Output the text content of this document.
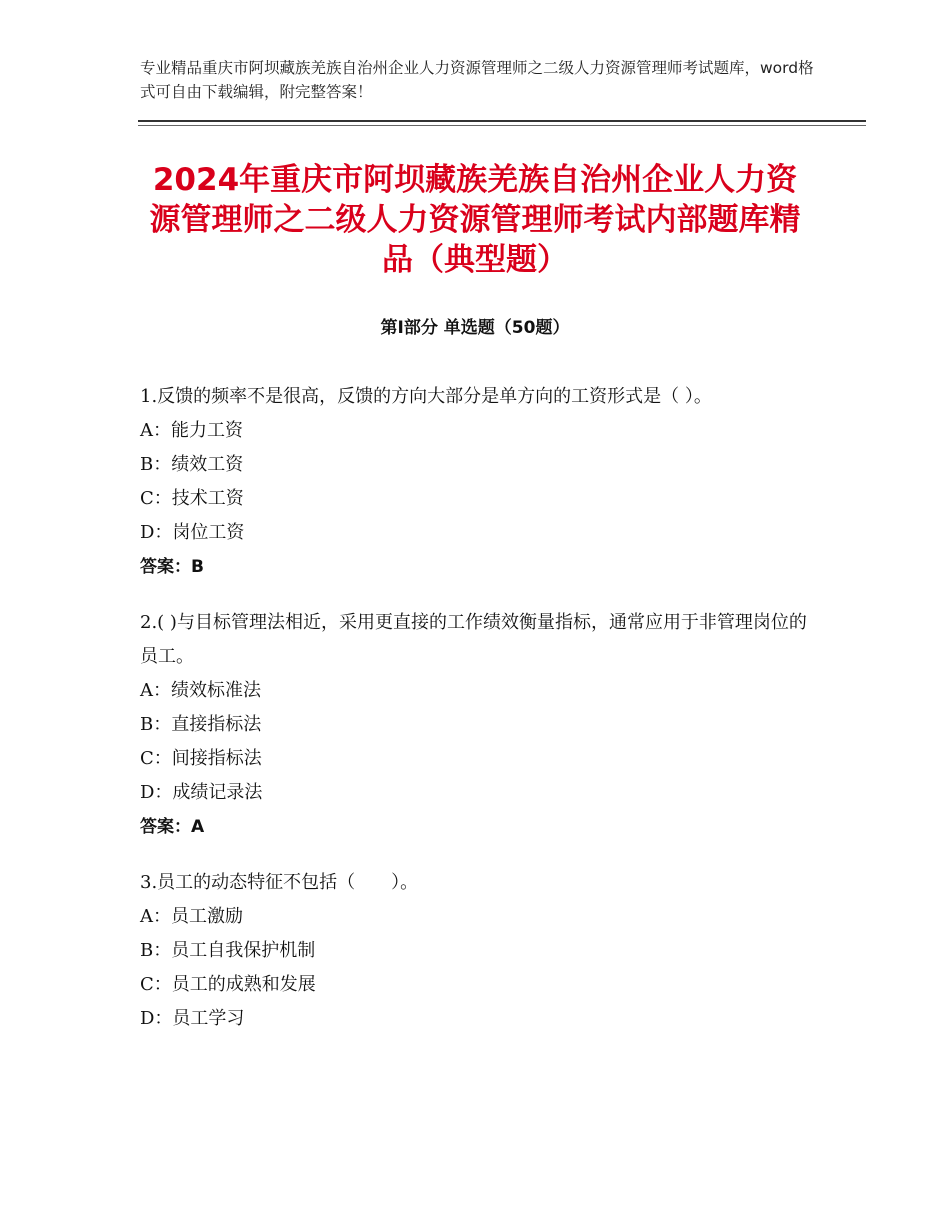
专业精品重庆市阿坝藏族羌族自治州企业人力资源管理师之二级人力资源管理师考试题库，word格式可自由下载编辑，附完整答案！
2024年重庆市阿坝藏族羌族自治州企业人力资源管理师之二级人力资源管理师考试内部题库精品（典型题）
第Ⅰ部分 单选题（50题）
1.反馈的频率不是很高，反馈的方向大部分是单方向的工资形式是（ ）。
A：能力工资
B：绩效工资
C：技术工资
D：岗位工资
答案：B
2.( )与目标管理法相近，采用更直接的工作绩效衡量指标，通常应用于非管理岗位的员工。
A：绩效标准法
B：直接指标法
C：间接指标法
D：成绩记录法
答案：A
3.员工的动态特征不包括（　　）。
A：员工激励
B：员工自我保护机制
C：员工的成熟和发展
D：员工学习
